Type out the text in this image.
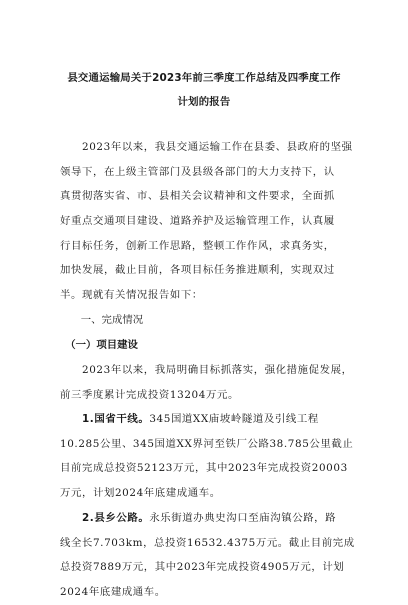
县交通运输局关于2023年前三季度工作总结及四季度工作
计划的报告
　　2023年以来，我县交通运输工作在县委、县政府的坚强
领导下，在上级主管部门及县级各部门的大力支持下，认
真贯彻落实省、市、县相关会议精神和文件要求，全面抓
好重点交通项目建设、道路养护及运输管理工作，认真履
行目标任务，创新工作思路，整顿工作作风，求真务实，
加快发展，截止目前，各项目标任务推进顺利，实现双过
半。现就有关情况报告如下：
　　一、完成情况
　（一）项目建设
　　2023年以来，我局明确目标抓落实，强化措施促发展，
前三季度累计完成投资13204万元。
　　1.国省干线。345国道XX庙坡岭隧道及引线工程
10.285公里、345国道XX界河至铁厂公路38.785公里截止
目前完成总投资52123万元，其中2023年完成投资20003
万元，计划2024年底建成通车。
　　2.县乡公路。永乐街道办典史沟口至庙沟镇公路，路
线全长7.703km，总投资16532.4375万元。截止目前完成
总投资7889万元，其中2023年完成投资4905万元，计划
2024年底建成通车。
